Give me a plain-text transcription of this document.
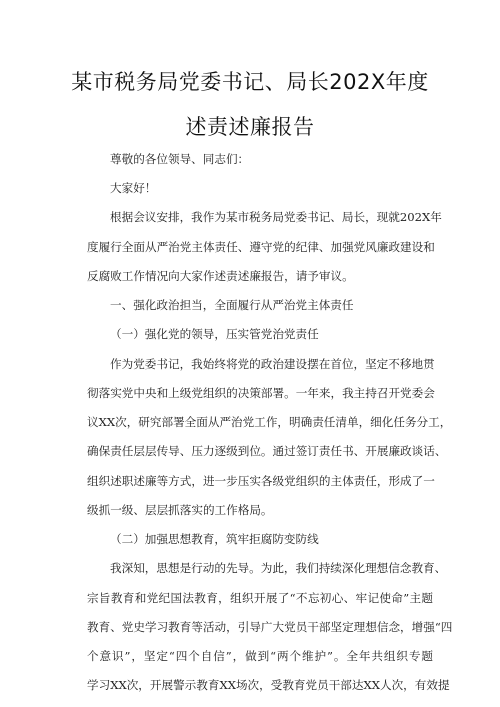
某市税务局党委书记、局长202X年度
述责述廉报告
尊敬的各位领导、同志们：
大家好！
根据会议安排，我作为某市税务局党委书记、局长，现就202X年
度履行全面从严治党主体责任、遵守党的纪律、加强党风廉政建设和
反腐败工作情况向大家作述责述廉报告，请予审议。
一、强化政治担当，全面履行从严治党主体责任
（一）强化党的领导，压实管党治党责任
作为党委书记，我始终将党的政治建设摆在首位，坚定不移地贯
彻落实党中央和上级党组织的决策部署。一年来，我主持召开党委会
议XX次，研究部署全面从严治党工作，明确责任清单，细化任务分工，
确保责任层层传导、压力逐级到位。通过签订责任书、开展廉政谈话、
组织述职述廉等方式，进一步压实各级党组织的主体责任，形成了一
级抓一级、层层抓落实的工作格局。
（二）加强思想教育，筑牢拒腐防变防线
我深知，思想是行动的先导。为此，我们持续深化理想信念教育、
宗旨教育和党纪国法教育，组织开展了“不忘初心、牢记使命”主题
教育、党史学习教育等活动，引导广大党员干部坚定理想信念，增强“四
个意识”，坚定“四个自信”，做到“两个维护”。全年共组织专题
学习XX次，开展警示教育XX场次，受教育党员干部达XX人次，有效提
